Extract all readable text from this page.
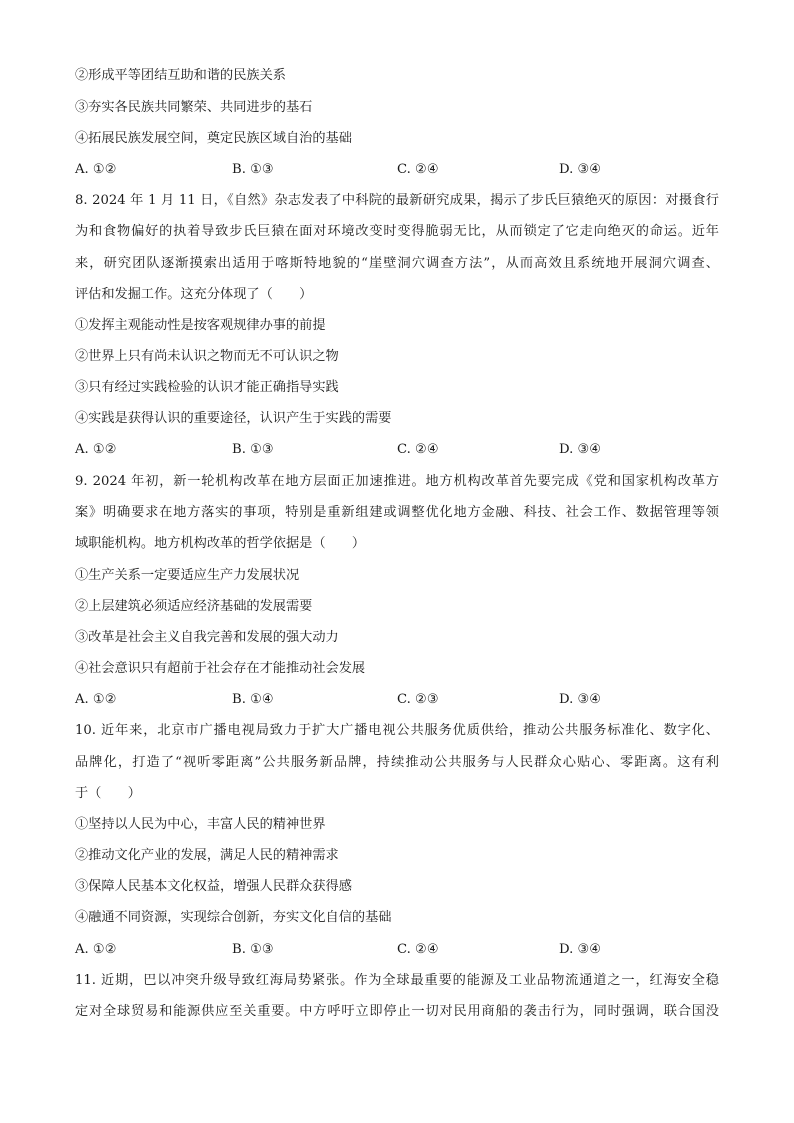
②形成平等团结互助和谐的民族关系
③夯实各民族共同繁荣、共同进步的基石
④拓展民族发展空间，奠定民族区域自治的基础
A. ①②	B. ①③	C. ②④	D. ③④
8. 2024 年 1 月 11 日，《自然》杂志发表了中科院的最新研究成果，揭示了步氏巨猿绝灭的原因：对摄食行
为和食物偏好的执着导致步氏巨猿在面对环境改变时变得脆弱无比，从而锁定了它走向绝灭的命运。近年
来，研究团队逐渐摸索出适用于喀斯特地貌的“崖壁洞穴调查方法”，从而高效且系统地开展洞穴调查、
评估和发掘工作。这充分体现了（　　）
①发挥主观能动性是按客观规律办事的前提
②世界上只有尚未认识之物而无不可认识之物
③只有经过实践检验的认识才能正确指导实践
④实践是获得认识的重要途径，认识产生于实践的需要
A. ①②	B. ①③	C. ②④	D. ③④
9. 2024 年初，新一轮机构改革在地方层面正加速推进。地方机构改革首先要完成《党和国家机构改革方
案》明确要求在地方落实的事项，特别是重新组建或调整优化地方金融、科技、社会工作、数据管理等领
域职能机构。地方机构改革的哲学依据是（　　）
①生产关系一定要适应生产力发展状况
②上层建筑必须适应经济基础的发展需要
③改革是社会主义自我完善和发展的强大动力
④社会意识只有超前于社会存在才能推动社会发展
A. ①②	B. ①④	C. ②③	D. ③④
10. 近年来，北京市广播电视局致力于扩大广播电视公共服务优质供给，推动公共服务标准化、数字化、
品牌化，打造了“视听零距离”公共服务新品牌，持续推动公共服务与人民群众心贴心、零距离。这有利
于（　　）
①坚持以人民为中心，丰富人民的精神世界
②推动文化产业的发展，满足人民的精神需求
③保障人民基本文化权益，增强人民群众获得感
④融通不同资源，实现综合创新，夯实文化自信的基础
A. ①②	B. ①③	C. ②④	D. ③④
11. 近期，巴以冲突升级导致红海局势紧张。作为全球最重要的能源及工业品物流通道之一，红海安全稳
定对全球贸易和能源供应至关重要。中方呼吁立即停止一切对民用商船的袭击行为，同时强调，联合国没
